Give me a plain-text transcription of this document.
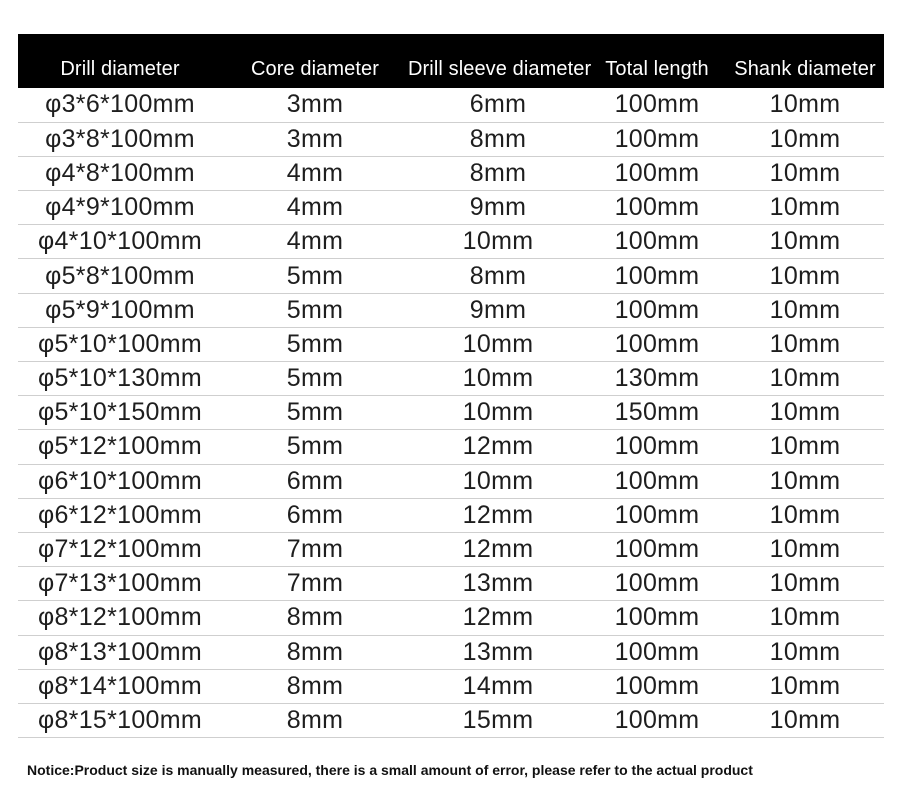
Drill diameter	Core diameter	Drill sleeve diameter	Total length	Shank diameter
φ3*6*100mm	3mm	6mm	100mm	10mm
φ3*8*100mm	3mm	8mm	100mm	10mm
φ4*8*100mm	4mm	8mm	100mm	10mm
φ4*9*100mm	4mm	9mm	100mm	10mm
φ4*10*100mm	4mm	10mm	100mm	10mm
φ5*8*100mm	5mm	8mm	100mm	10mm
φ5*9*100mm	5mm	9mm	100mm	10mm
φ5*10*100mm	5mm	10mm	100mm	10mm
φ5*10*130mm	5mm	10mm	130mm	10mm
φ5*10*150mm	5mm	10mm	150mm	10mm
φ5*12*100mm	5mm	12mm	100mm	10mm
φ6*10*100mm	6mm	10mm	100mm	10mm
φ6*12*100mm	6mm	12mm	100mm	10mm
φ7*12*100mm	7mm	12mm	100mm	10mm
φ7*13*100mm	7mm	13mm	100mm	10mm
φ8*12*100mm	8mm	12mm	100mm	10mm
φ8*13*100mm	8mm	13mm	100mm	10mm
φ8*14*100mm	8mm	14mm	100mm	10mm
φ8*15*100mm	8mm	15mm	100mm	10mm
Notice:Product size is manually measured, there is a small amount of error, please refer to the actual product
